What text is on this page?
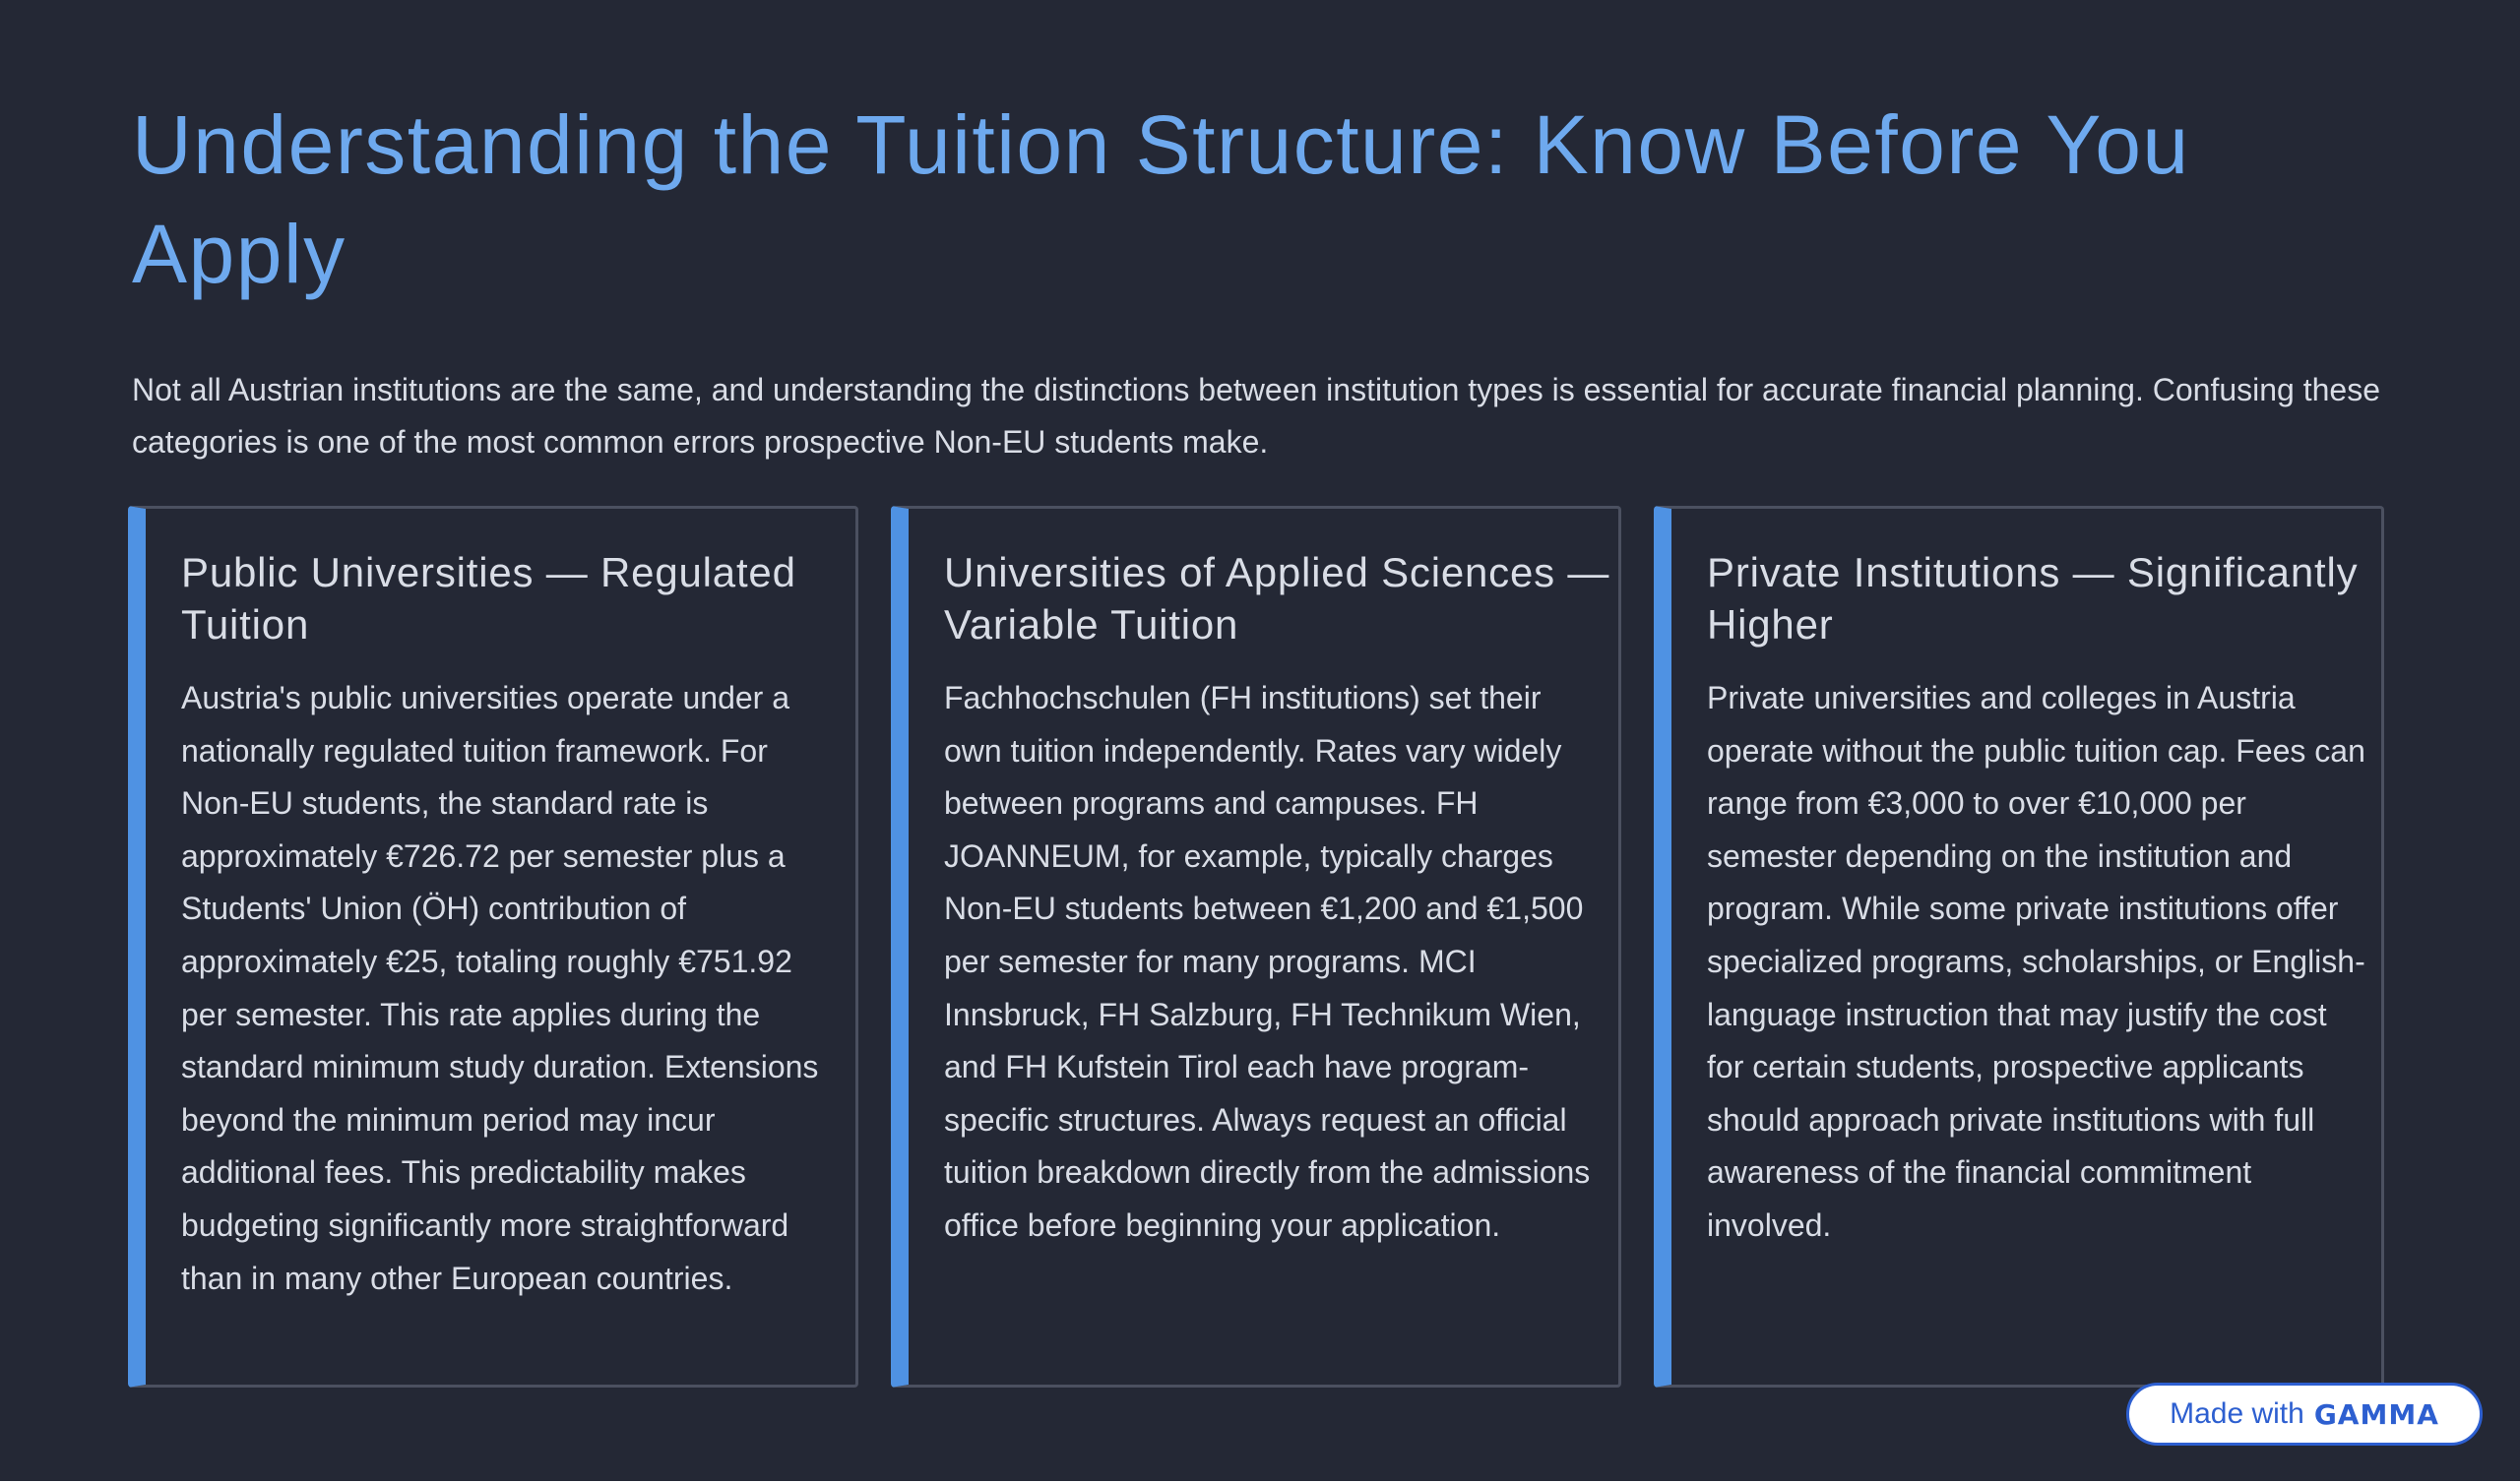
Understanding the Tuition Structure: Know Before You Apply

Not all Austrian institutions are the same, and understanding the distinctions between institution types is essential for accurate financial planning. Confusing these categories is one of the most common errors prospective Non-EU students make.

Public Universities — Regulated Tuition

Austria's public universities operate under a nationally regulated tuition framework. For Non-EU students, the standard rate is approximately €726.72 per semester plus a Students' Union (ÖH) contribution of approximately €25, totaling roughly €751.92 per semester. This rate applies during the standard minimum study duration. Extensions beyond the minimum period may incur additional fees. This predictability makes budgeting significantly more straightforward than in many other European countries.

Universities of Applied Sciences — Variable Tuition

Fachhochschulen (FH institutions) set their own tuition independently. Rates vary widely between programs and campuses. FH JOANNEUM, for example, typically charges Non-EU students between €1,200 and €1,500 per semester for many programs. MCI Innsbruck, FH Salzburg, FH Technikum Wien, and FH Kufstein Tirol each have program-specific structures. Always request an official tuition breakdown directly from the admissions office before beginning your application.

Private Institutions — Significantly Higher

Private universities and colleges in Austria operate without the public tuition cap. Fees can range from €3,000 to over €10,000 per semester depending on the institution and program. While some private institutions offer specialized programs, scholarships, or English-language instruction that may justify the cost for certain students, prospective applicants should approach private institutions with full awareness of the financial commitment involved.

Made with GAMMA
